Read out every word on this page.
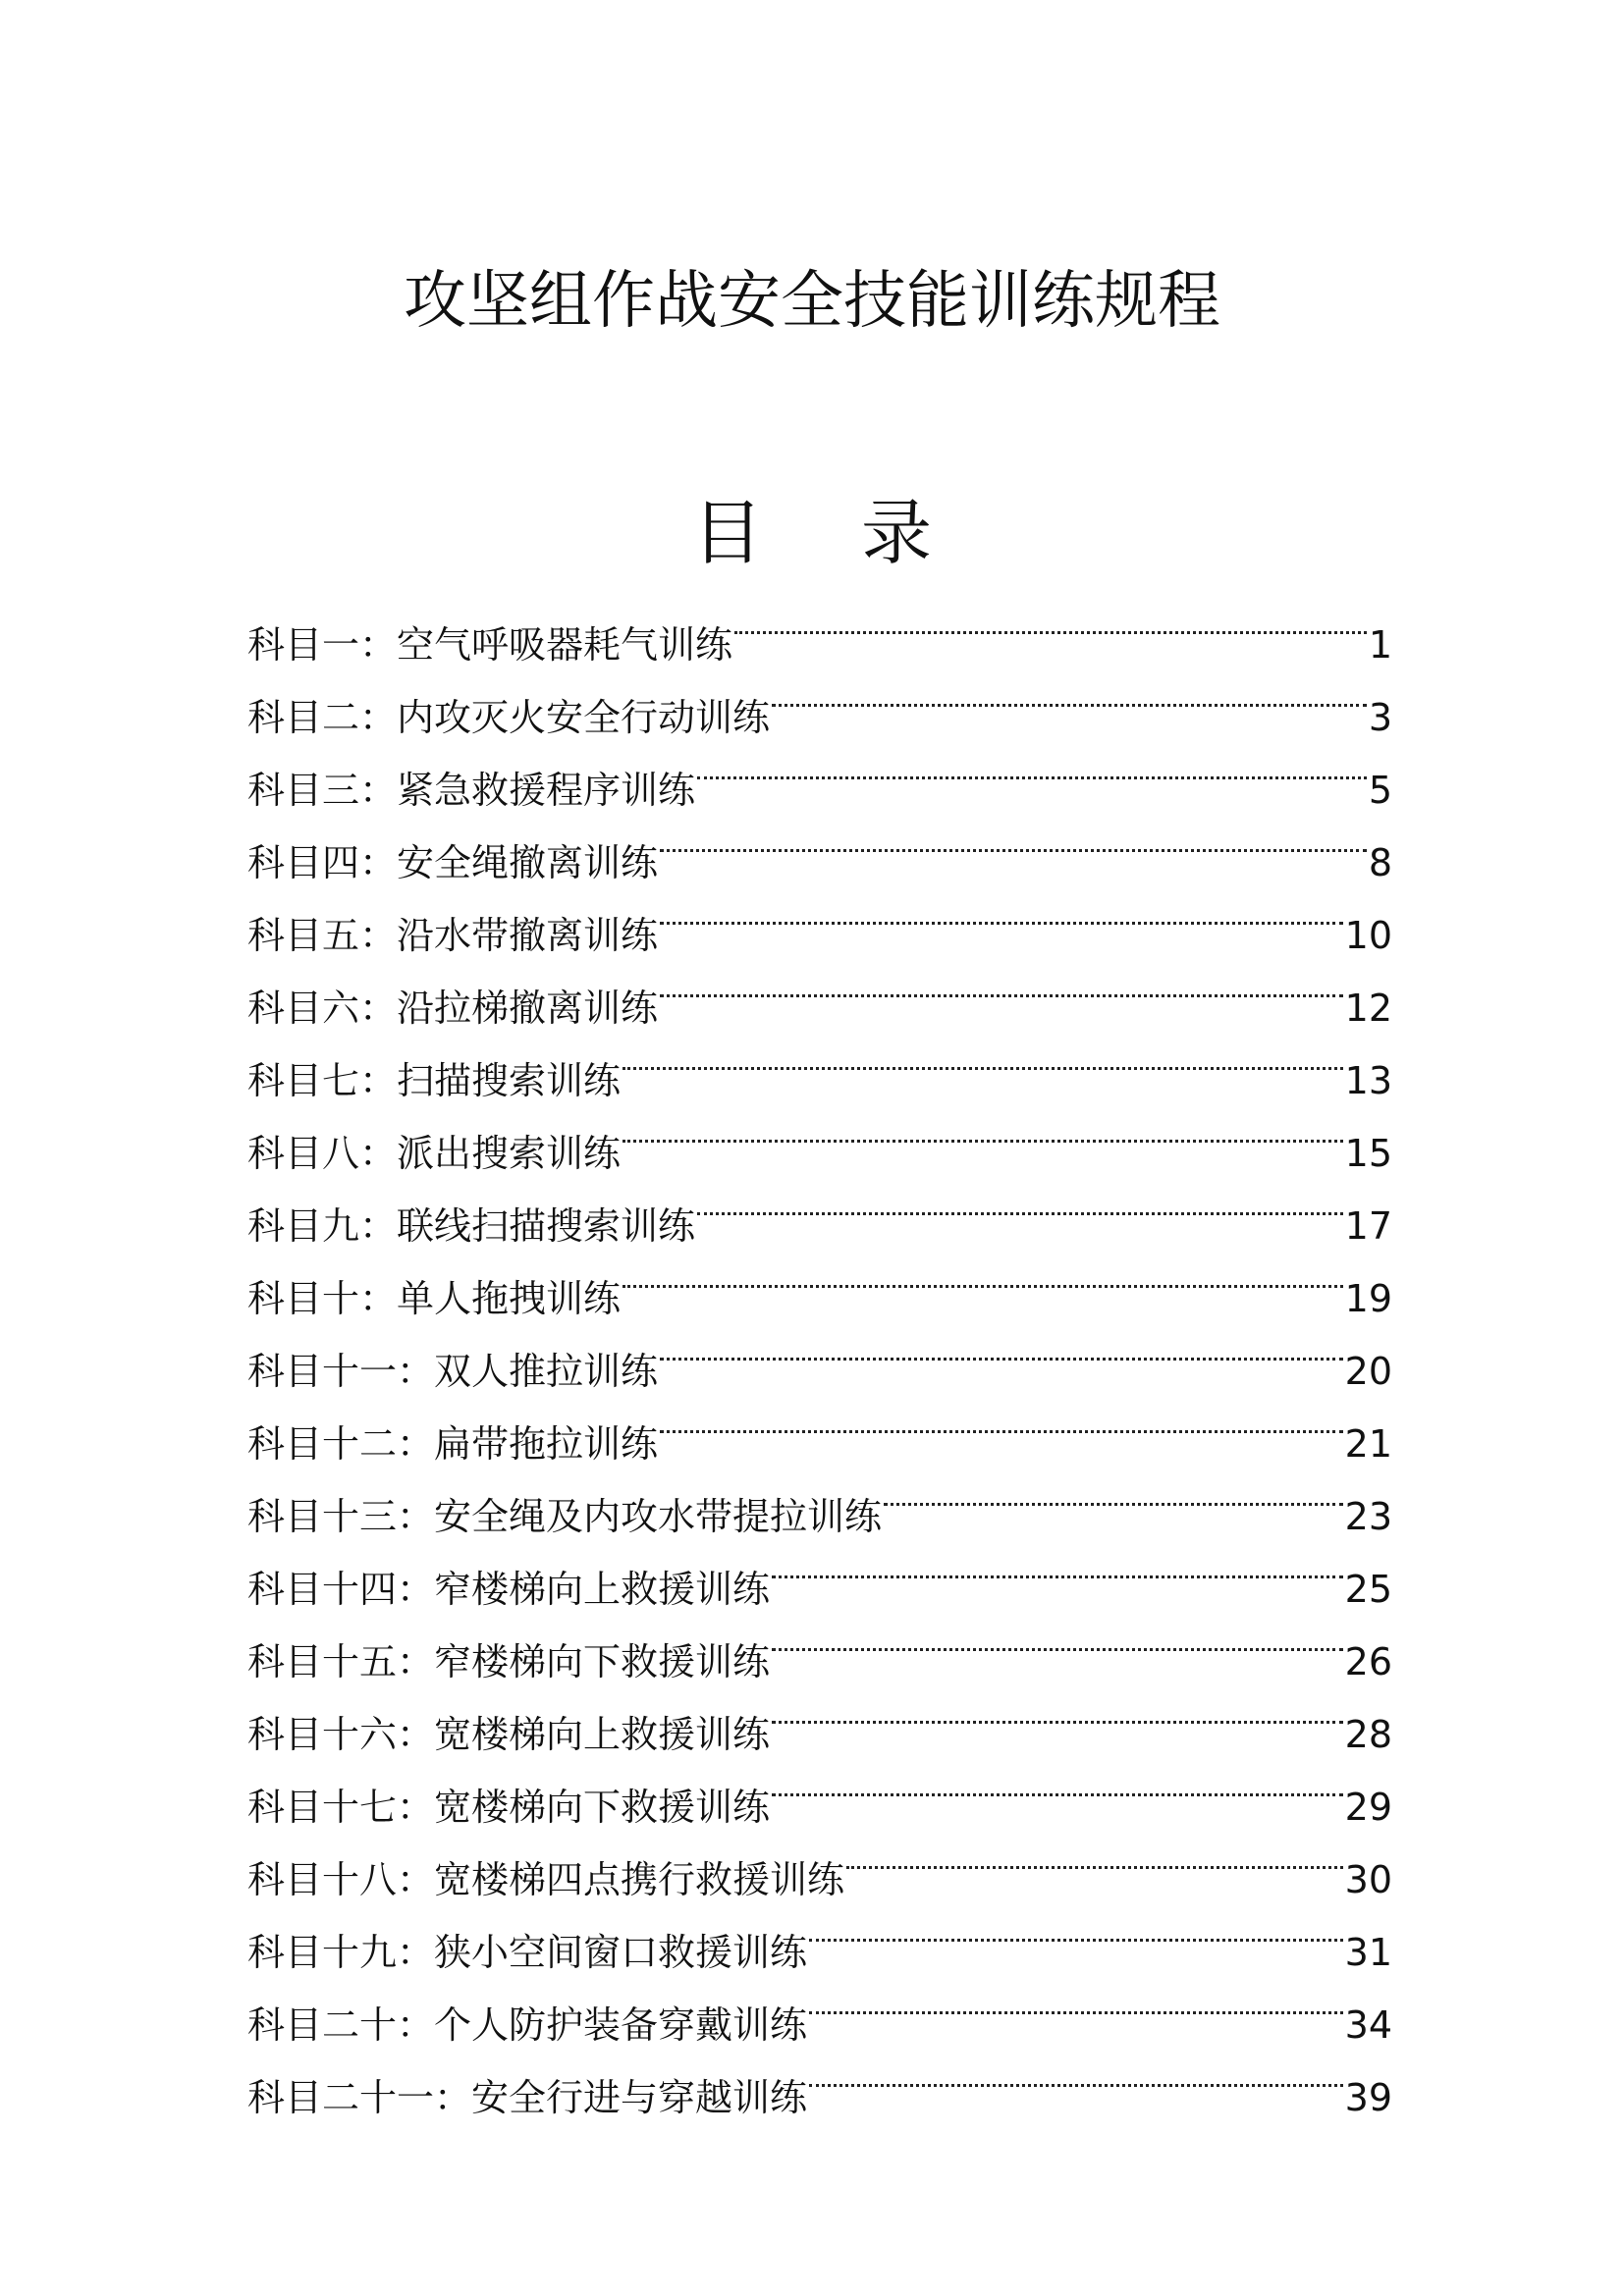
攻坚组作战安全技能训练规程
目 录
科目一：空气呼吸器耗气训练	1
科目二：内攻灭火安全行动训练	3
科目三：紧急救援程序训练	5
科目四：安全绳撤离训练	8
科目五：沿水带撤离训练	10
科目六：沿拉梯撤离训练	12
科目七：扫描搜索训练	13
科目八：派出搜索训练	15
科目九：联线扫描搜索训练	17
科目十：单人拖拽训练	19
科目十一：双人推拉训练	20
科目十二：扁带拖拉训练	21
科目十三：安全绳及内攻水带提拉训练	23
科目十四：窄楼梯向上救援训练	25
科目十五：窄楼梯向下救援训练	26
科目十六：宽楼梯向上救援训练	28
科目十七：宽楼梯向下救援训练	29
科目十八：宽楼梯四点携行救援训练	30
科目十九：狭小空间窗口救援训练	31
科目二十：个人防护装备穿戴训练	34
科目二十一：安全行进与穿越训练	39
